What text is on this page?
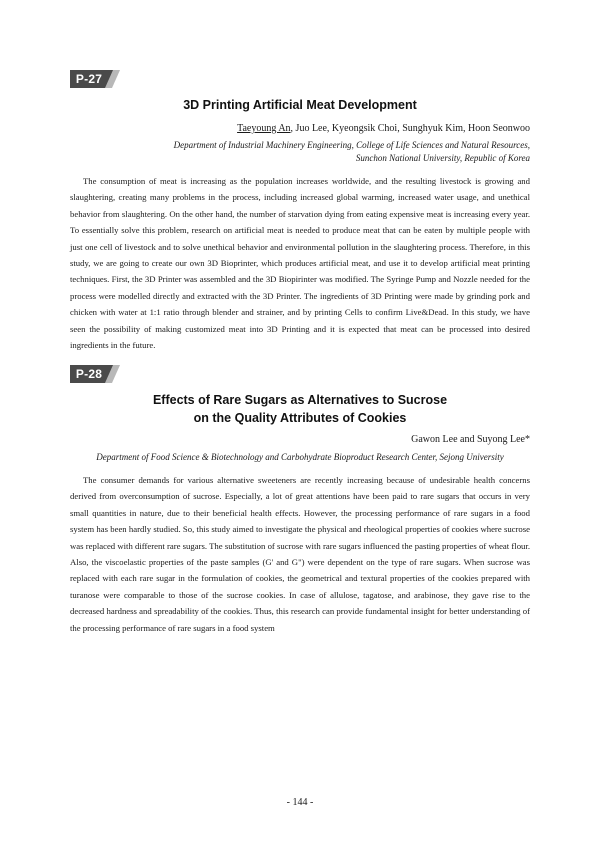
P-27
3D Printing Artificial Meat Development
Taeyoung An, Juo Lee, Kyeongsik Choi, Sunghyuk Kim, Hoon Seonwoo
Department of Industrial Machinery Engineering, College of Life Sciences and Natural Resources,
Sunchon National University, Republic of Korea

The consumption of meat is increasing as the population increases worldwide, and the resulting livestock is growing and slaughtering, creating many problems in the process, including increased global warming, increased water usage, and unethical behavior from slaughtering. On the other hand, the number of starvation dying from eating expensive meat is increasing every year. To essentially solve this problem, research on artificial meat is needed to produce meat that can be eaten by multiple people with just one cell of livestock and to solve unethical behavior and environmental pollution in the slaughtering process. Therefore, in this study, we are going to create our own 3D Bioprinter, which produces artificial meat, and use it to develop artificial meat printing techniques. First, the 3D Printer was assembled and the 3D Biopirinter was modified. The Syringe Pump and Nozzle needed for the process were modelled directly and extracted with the 3D Printer. The ingredients of 3D Printing were made by grinding pork and chicken with water at 1:1 ratio through blender and strainer, and by printing Cells to confirm Live&Dead. In this study, we have seen the possibility of making customized meat into 3D Printing and it is expected that meat can be processed into desired ingredients in the future.

P-28
Effects of Rare Sugars as Alternatives to Sucrose
on the Quality Attributes of Cookies
Gawon Lee and Suyong Lee*
Department of Food Science & Biotechnology and Carbohydrate Bioproduct Research Center, Sejong University

The consumer demands for various alternative sweeteners are recently increasing because of undesirable health concerns derived from overconsumption of sucrose. Especially, a lot of great attentions have been paid to rare sugars that occurs in very small quantities in nature, due to their beneficial health effects. However, the processing performance of rare sugars in a food system has been hardly studied. So, this study aimed to investigate the physical and rheological properties of cookies where sucrose was replaced with different rare sugars. The substitution of sucrose with rare sugars influenced the pasting properties of wheat flour. Also, the viscoelastic properties of the paste samples (G' and G") were dependent on the type of rare sugars. When sucrose was replaced with each rare sugar in the formulation of cookies, the geometrical and textural properties of the cookies prepared with turanose were comparable to those of the sucrose cookies. In case of allulose, tagatose, and arabinose, they gave rise to the decreased hardness and spreadability of the cookies. Thus, this research can provide fundamental insight for better understanding of the processing performance of rare sugars in a food system

- 144 -
